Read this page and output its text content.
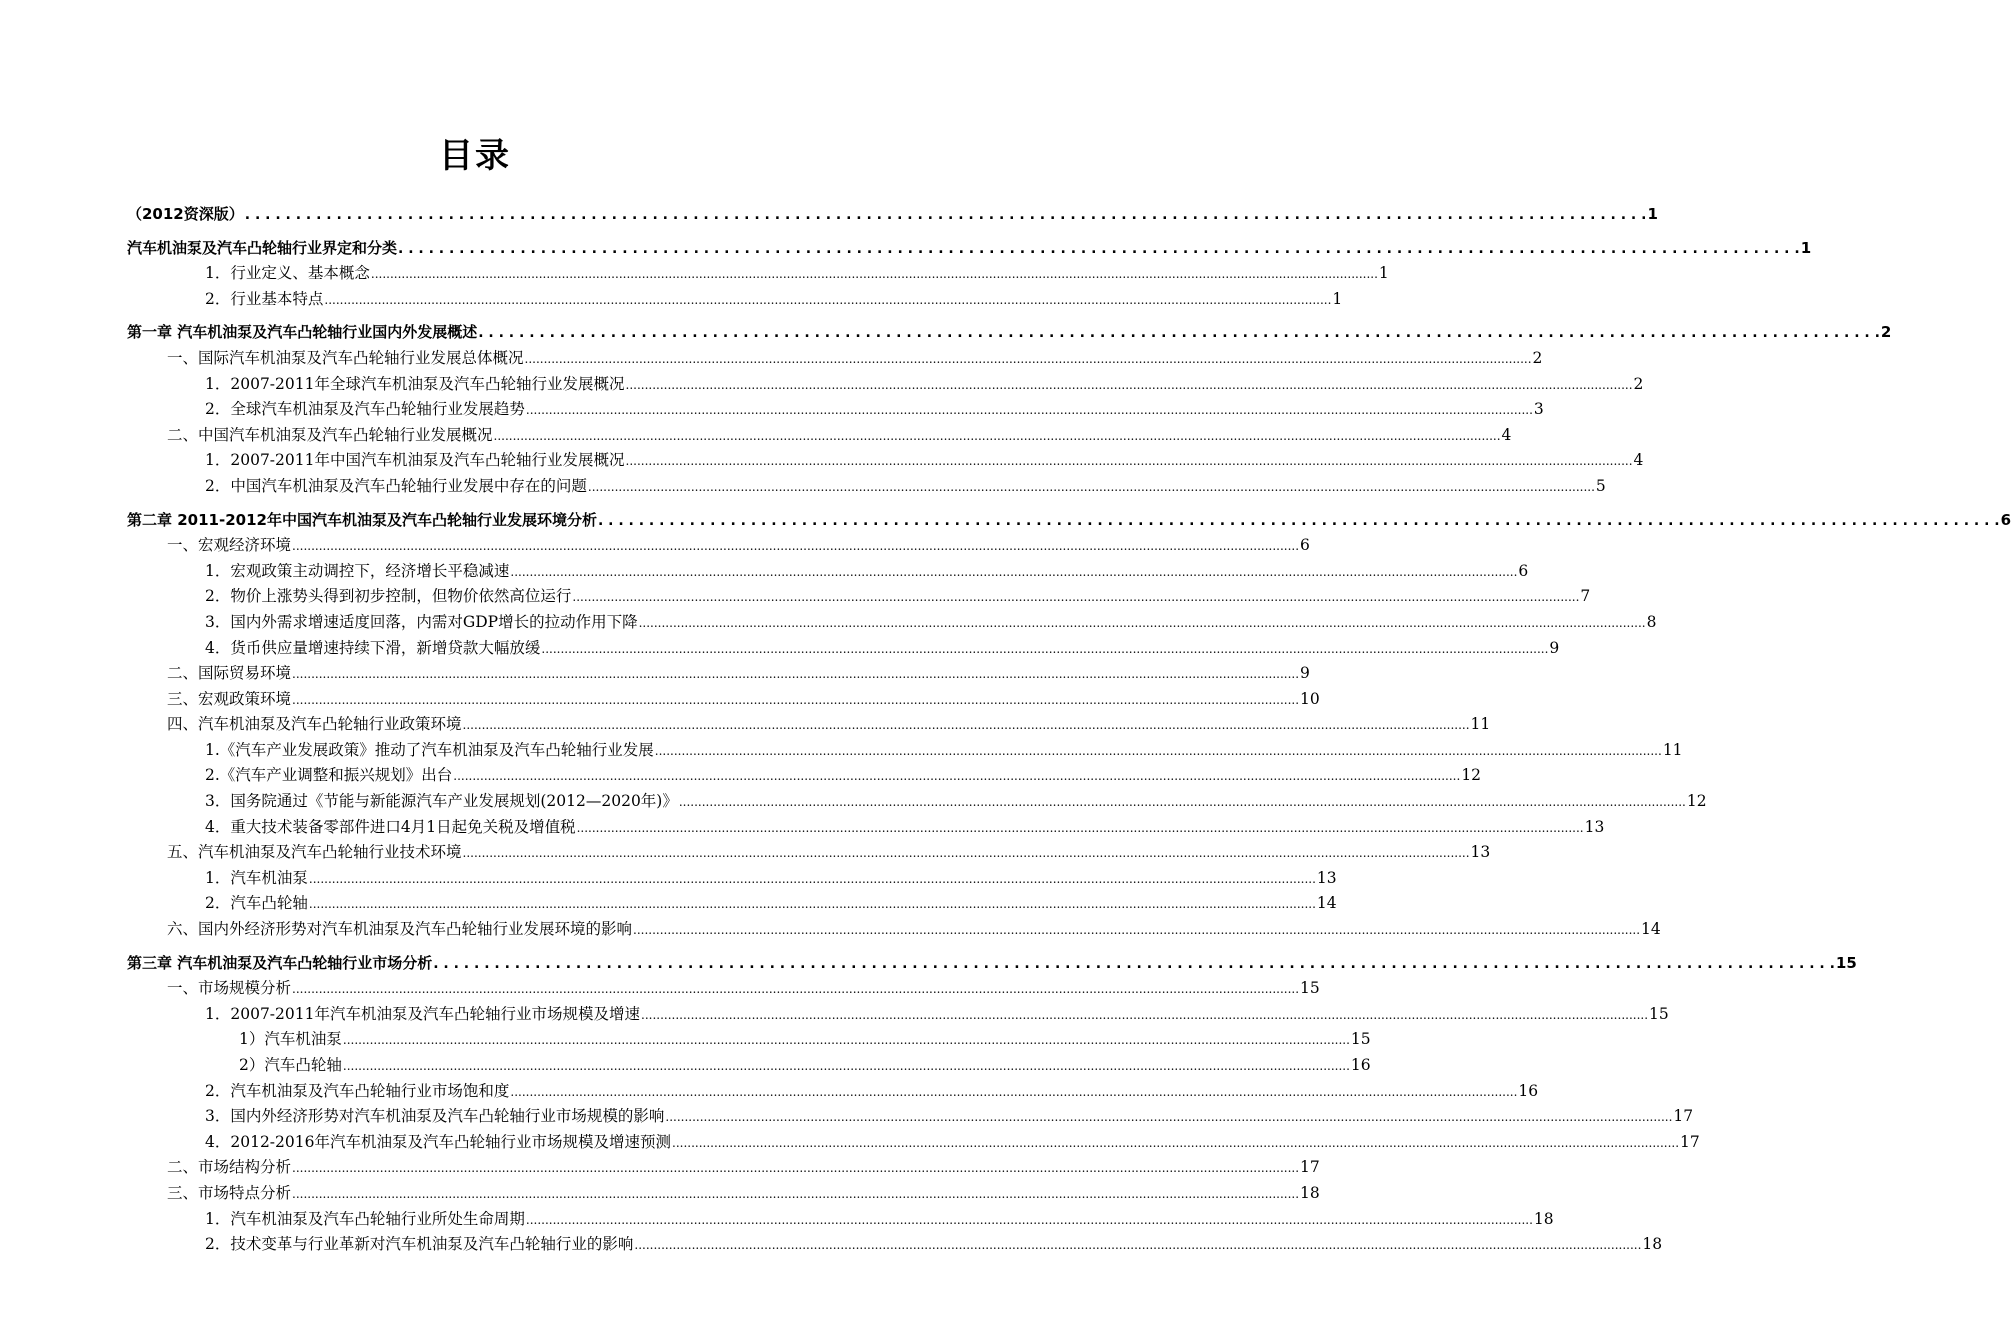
目录
（2012资深版） . . .	1
汽车机油泵及汽车凸轮轴行业界定和分类 . . .	1
1．行业定义、基本概念 .....	1
2．行业基本特点 .....	1
第一章 汽车机油泵及汽车凸轮轴行业国内外发展概述 . . .	2
一、国际汽车机油泵及汽车凸轮轴行业发展总体概况 .....	2
1．2007-2011年全球汽车机油泵及汽车凸轮轴行业发展概况 .....	2
2．全球汽车机油泵及汽车凸轮轴行业发展趋势 .....	3
二、中国汽车机油泵及汽车凸轮轴行业发展概况 .....	4
1．2007-2011年中国汽车机油泵及汽车凸轮轴行业发展概况 .....	4
2．中国汽车机油泵及汽车凸轮轴行业发展中存在的问题 .....	5
第二章 2011-2012年中国汽车机油泵及汽车凸轮轴行业发展环境分析 . . .	6
一、宏观经济环境 .....	6
1．宏观政策主动调控下，经济增长平稳减速 .....	6
2．物价上涨势头得到初步控制，但物价依然高位运行 .....	7
3．国内外需求增速适度回落，内需对GDP增长的拉动作用下降 .....	8
4．货币供应量增速持续下滑，新增贷款大幅放缓 .....	9
二、国际贸易环境 .....	9
三、宏观政策环境 .....	10
四、汽车机油泵及汽车凸轮轴行业政策环境 .....	11
1.《汽车产业发展政策》推动了汽车机油泵及汽车凸轮轴行业发展 .....	11
2.《汽车产业调整和振兴规划》出台 .....	12
3．国务院通过《节能与新能源汽车产业发展规划(2012—2020年)》 .....	12
4．重大技术装备零部件进口4月1日起免关税及增值税 .....	13
五、汽车机油泵及汽车凸轮轴行业技术环境 .....	13
1．汽车机油泵 .....	13
2．汽车凸轮轴 .....	14
六、国内外经济形势对汽车机油泵及汽车凸轮轴行业发展环境的影响 .....	14
第三章 汽车机油泵及汽车凸轮轴行业市场分析 . . .	15
一、市场规模分析 .....	15
1．2007-2011年汽车机油泵及汽车凸轮轴行业市场规模及增速 .....	15
1）汽车机油泵 .....	15
2）汽车凸轮轴 .....	16
2．汽车机油泵及汽车凸轮轴行业市场饱和度 .....	16
3．国内外经济形势对汽车机油泵及汽车凸轮轴行业市场规模的影响 .....	17
4．2012-2016年汽车机油泵及汽车凸轮轴行业市场规模及增速预测 .....	17
二、市场结构分析 .....	17
三、市场特点分析 .....	18
1．汽车机油泵及汽车凸轮轴行业所处生命周期 .....	18
2．技术变革与行业革新对汽车机油泵及汽车凸轮轴行业的影响 .....	18
